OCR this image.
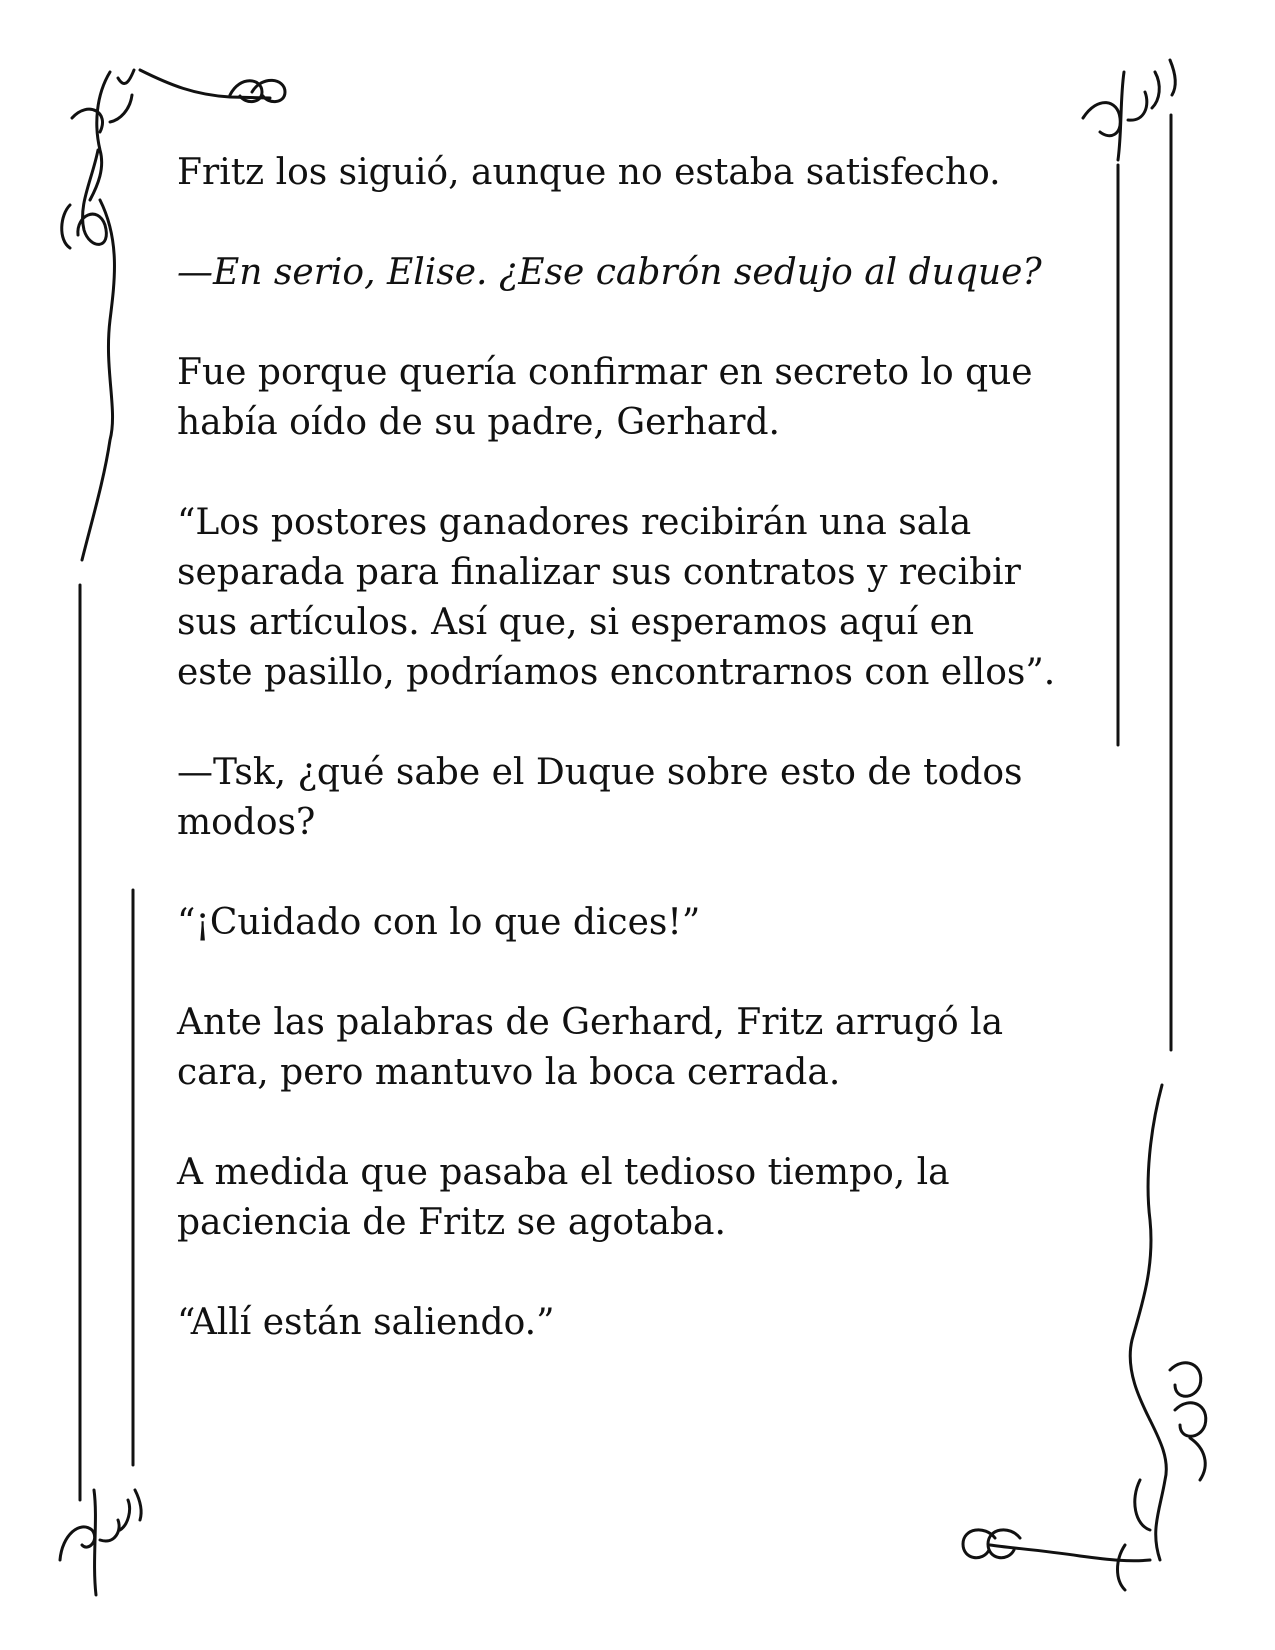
Fritz los siguió, aunque no estaba satisfecho.

—En serio, Elise. ¿Ese cabrón sedujo al duque?

Fue porque quería confirmar en secreto lo que
había oído de su padre, Gerhard.

“Los postores ganadores recibirán una sala
separada para finalizar sus contratos y recibir
sus artículos. Así que, si esperamos aquí en
este pasillo, podríamos encontrarnos con ellos”.

—Tsk, ¿qué sabe el Duque sobre esto de todos
modos?

“¡Cuidado con lo que dices!”

Ante las palabras de Gerhard, Fritz arrugó la
cara, pero mantuvo la boca cerrada.

A medida que pasaba el tedioso tiempo, la
paciencia de Fritz se agotaba.

“Allí están saliendo.”
